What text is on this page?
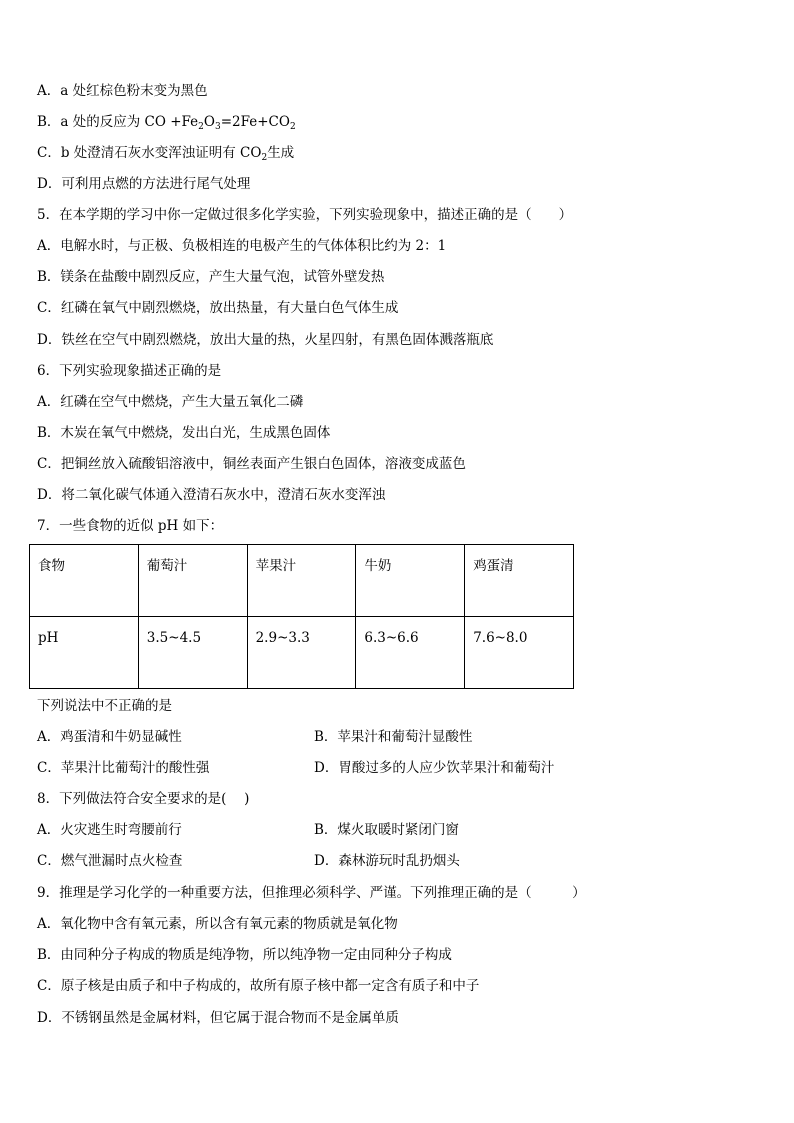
A．a 处红棕色粉末变为黑色
B．a 处的反应为 CO $+Fe_2O_3=2Fe+CO_2$
C．b 处澄清石灰水变浑浊证明有 $CO_2$生成
D．可利用点燃的方法进行尾气处理
5．在本学期的学习中你一定做过很多化学实验，下列实验现象中，描述正确的是（　　）
A．电解水时，与正极、负极相连的电极产生的气体体积比约为 2：1
B．镁条在盐酸中剧烈反应，产生大量气泡，试管外壁发热
C．红磷在氧气中剧烈燃烧，放出热量，有大量白色气体生成
D．铁丝在空气中剧烈燃烧，放出大量的热，火星四射，有黑色固体溅落瓶底
6．下列实验现象描述正确的是
A．红磷在空气中燃烧，产生大量五氧化二磷
B．木炭在氧气中燃烧，发出白光，生成黑色固体
C．把铜丝放入硫酸铝溶液中，铜丝表面产生银白色固体，溶液变成蓝色
D．将二氧化碳气体通入澄清石灰水中，澄清石灰水变浑浊
7．一些食物的近似 pH 如下：
食物	葡萄汁	苹果汁	牛奶	鸡蛋清
pH	3.5~4.5	2.9~3.3	6.3~6.6	7.6~8.0
下列说法中不正确的是
A．鸡蛋清和牛奶显碱性	B．苹果汁和葡萄汁显酸性
C．苹果汁比葡萄汁的酸性强	D．胃酸过多的人应少饮苹果汁和葡萄汁
8．下列做法符合安全要求的是(　 )
A．火灾逃生时弯腰前行	B．煤火取暖时紧闭门窗
C．燃气泄漏时点火检查	D．森林游玩时乱扔烟头
9．推理是学习化学的一种重要方法，但推理必须科学、严谨。下列推理正确的是（　　　）
B．由同种分子构成的物质是纯净物，所以纯净物一定由同种分子构成
A．氧化物中含有氧元素，所以含有氧元素的物质就是氧化物
C．原子核是由质子和中子构成的，故所有原子核中都一定含有质子和中子
D．不锈钢虽然是金属材料，但它属于混合物而不是金属单质
